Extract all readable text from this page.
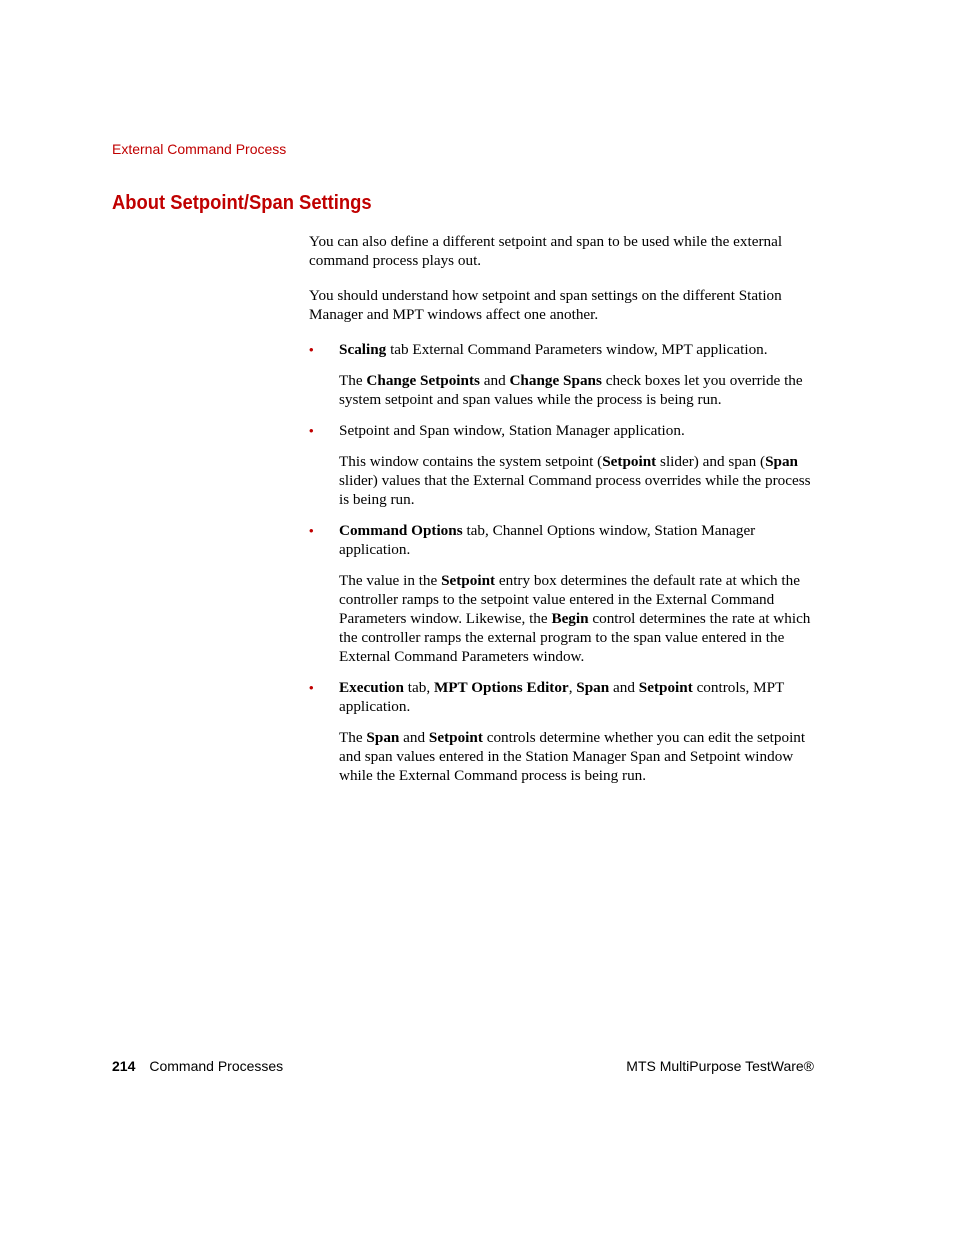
External Command Process
About Setpoint/Span Settings

You can also define a different setpoint and span to be used while the external command process plays out.

You should understand how setpoint and span settings on the different Station Manager and MPT windows affect one another.

• Scaling tab External Command Parameters window, MPT application.

The Change Setpoints and Change Spans check boxes let you override the system setpoint and span values while the process is being run.

• Setpoint and Span window, Station Manager application.

This window contains the system setpoint (Setpoint slider) and span (Span slider) values that the External Command process overrides while the process is being run.

• Command Options tab, Channel Options window, Station Manager application.

The value in the Setpoint entry box determines the default rate at which the controller ramps to the setpoint value entered in the External Command Parameters window. Likewise, the Begin control determines the rate at which the controller ramps the external program to the span value entered in the External Command Parameters window.

• Execution tab, MPT Options Editor, Span and Setpoint controls, MPT application.

The Span and Setpoint controls determine whether you can edit the setpoint and span values entered in the Station Manager Span and Setpoint window while the External Command process is being run.

214 Command Processes	MTS MultiPurpose TestWare®
